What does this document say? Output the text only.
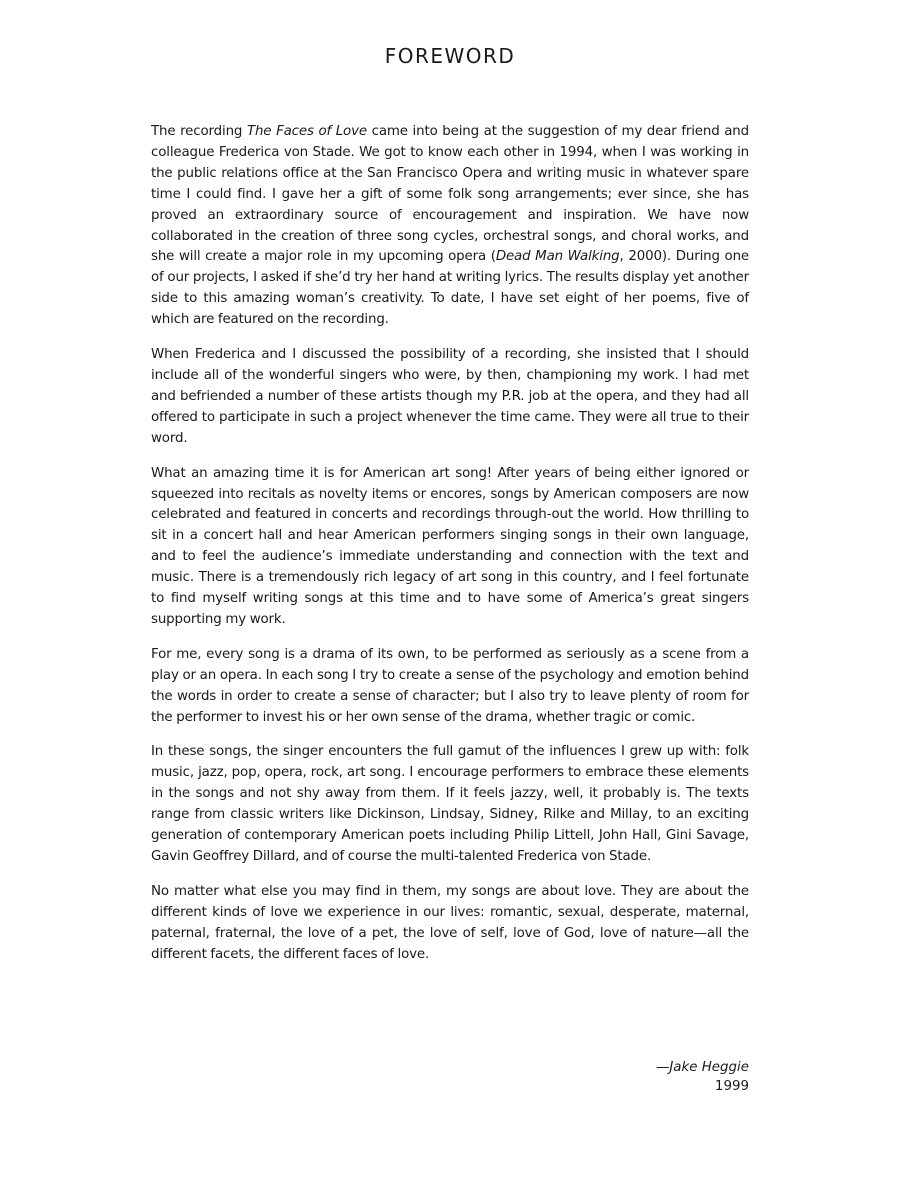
FOREWORD

The recording The Faces of Love came into being at the suggestion of my dear friend and colleague Frederica von Stade. We got to know each other in 1994, when I was working in the public relations office at the San Francisco Opera and writing music in whatever spare time I could find. I gave her a gift of some folk song arrangements; ever since, she has proved an extraordinary source of encouragement and inspiration. We have now collaborated in the creation of three song cycles, orchestral songs, and choral works, and she will create a major role in my upcoming opera (Dead Man Walking, 2000). During one of our projects, I asked if she’d try her hand at writing lyrics. The results display yet another side to this amazing woman’s creativity. To date, I have set eight of her poems, five of which are featured on the recording.

When Frederica and I discussed the possibility of a recording, she insisted that I should include all of the wonderful singers who were, by then, championing my work. I had met and befriended a number of these artists though my P.R. job at the opera, and they had all offered to participate in such a project whenever the time came. They were all true to their word.

What an amazing time it is for American art song! After years of being either ignored or squeezed into recitals as novelty items or encores, songs by American composers are now celebrated and featured in concerts and recordings through-out the world. How thrilling to sit in a concert hall and hear American performers singing songs in their own language, and to feel the audience’s immediate understanding and connection with the text and music. There is a tremendously rich legacy of art song in this country, and I feel fortunate to find myself writing songs at this time and to have some of America’s great singers supporting my work.

For me, every song is a drama of its own, to be performed as seriously as a scene from a play or an opera. In each song I try to create a sense of the psychology and emotion behind the words in order to create a sense of character; but I also try to leave plenty of room for the performer to invest his or her own sense of the drama, whether tragic or comic.

In these songs, the singer encounters the full gamut of the influences I grew up with: folk music, jazz, pop, opera, rock, art song. I encourage performers to embrace these elements in the songs and not shy away from them. If it feels jazzy, well, it probably is. The texts range from classic writers like Dickinson, Lindsay, Sidney, Rilke and Millay, to an exciting generation of contemporary American poets including Philip Littell, John Hall, Gini Savage, Gavin Geoffrey Dillard, and of course the multi-talented Frederica von Stade.

No matter what else you may find in them, my songs are about love. They are about the different kinds of love we experience in our lives: romantic, sexual, desperate, maternal, paternal, fraternal, the love of a pet, the love of self, love of God, love of nature—all the different facets, the different faces of love.

—Jake Heggie
1999
